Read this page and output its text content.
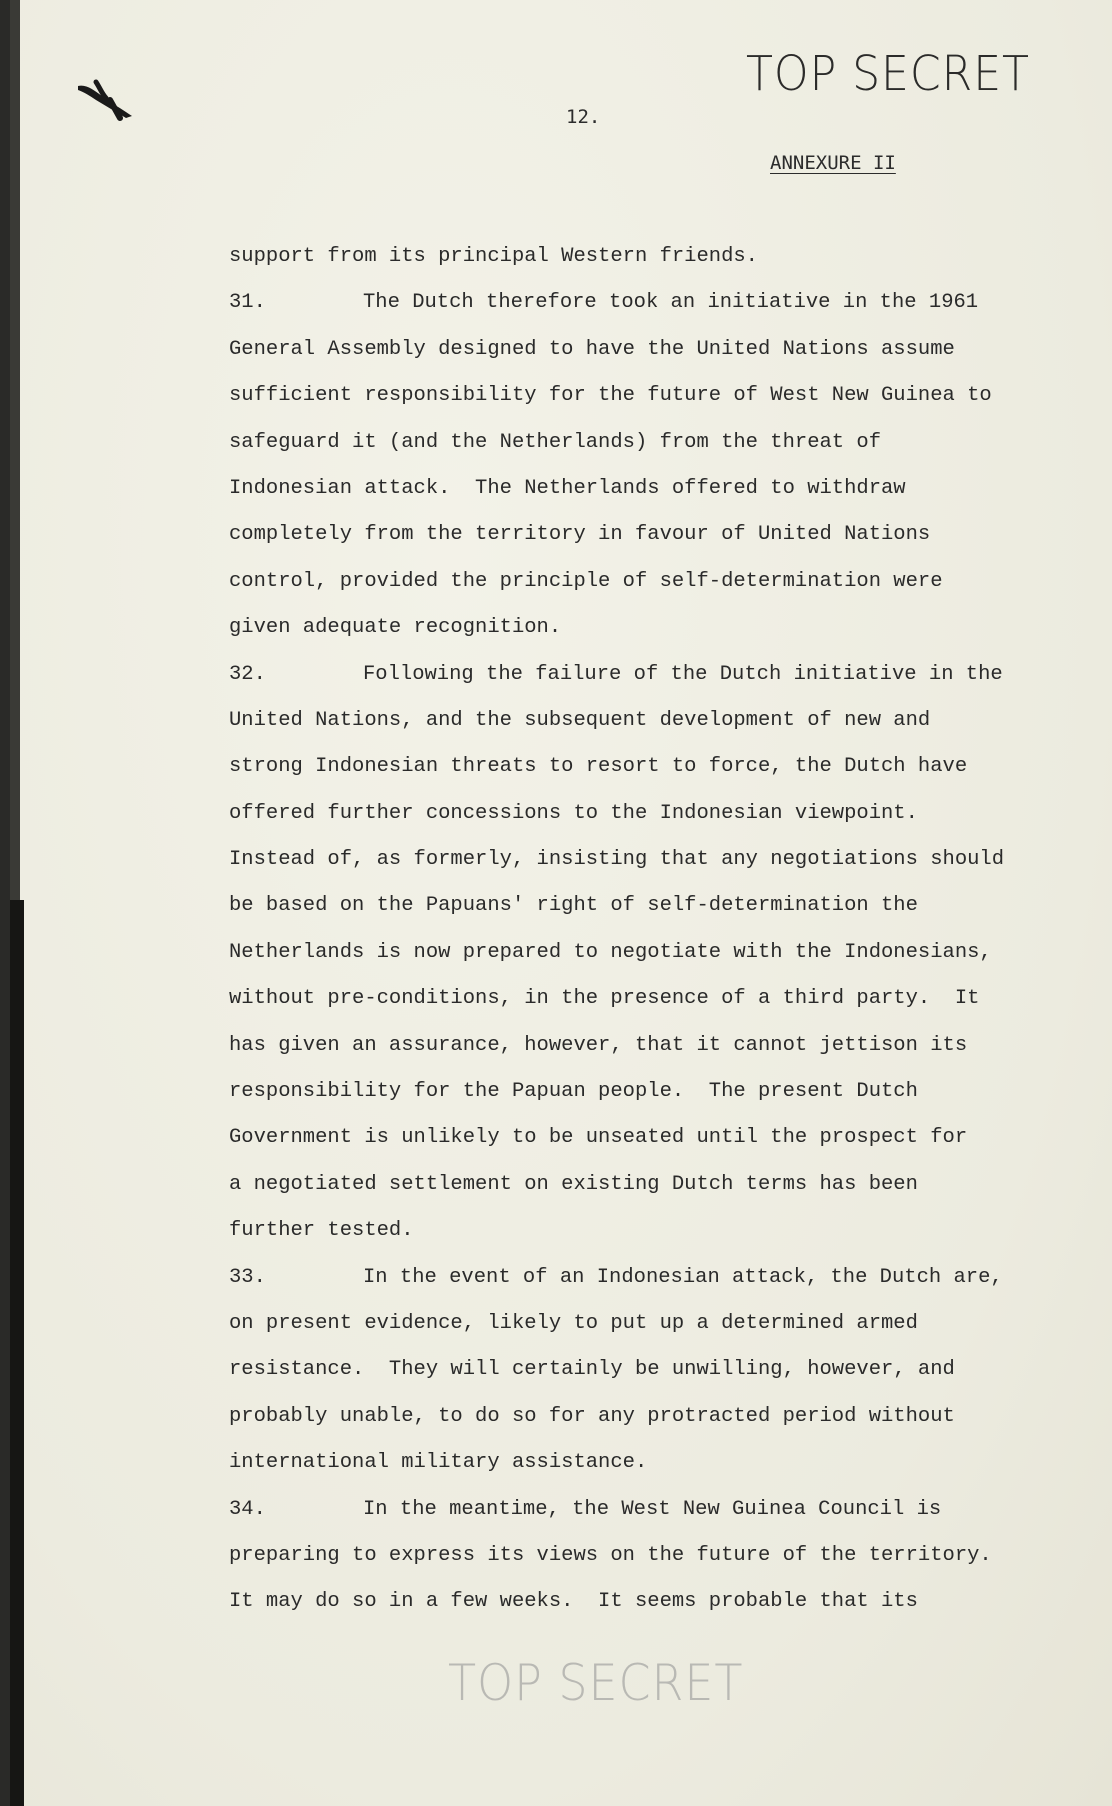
TOP SECRET
12.
ANNEXURE II
support from its principal Western friends.
31.	The Dutch therefore took an initiative in the 1961
General Assembly designed to have the United Nations assume
sufficient responsibility for the future of West New Guinea to
safeguard it (and the Netherlands) from the threat of
Indonesian attack.  The Netherlands offered to withdraw
completely from the territory in favour of United Nations
control, provided the principle of self-determination were
given adequate recognition.
32.	Following the failure of the Dutch initiative in the
United Nations, and the subsequent development of new and
strong Indonesian threats to resort to force, the Dutch have
offered further concessions to the Indonesian viewpoint.
Instead of, as formerly, insisting that any negotiations should
be based on the Papuans' right of self-determination the
Netherlands is now prepared to negotiate with the Indonesians,
without pre-conditions, in the presence of a third party.  It
has given an assurance, however, that it cannot jettison its
responsibility for the Papuan people.  The present Dutch
Government is unlikely to be unseated until the prospect for
a negotiated settlement on existing Dutch terms has been
further tested.
33.	In the event of an Indonesian attack, the Dutch are,
on present evidence, likely to put up a determined armed
resistance.  They will certainly be unwilling, however, and
probably unable, to do so for any protracted period without
international military assistance.
34.	In the meantime, the West New Guinea Council is
preparing to express its views on the future of the territory.
It may do so in a few weeks.  It seems probable that its
TOP SECRET
